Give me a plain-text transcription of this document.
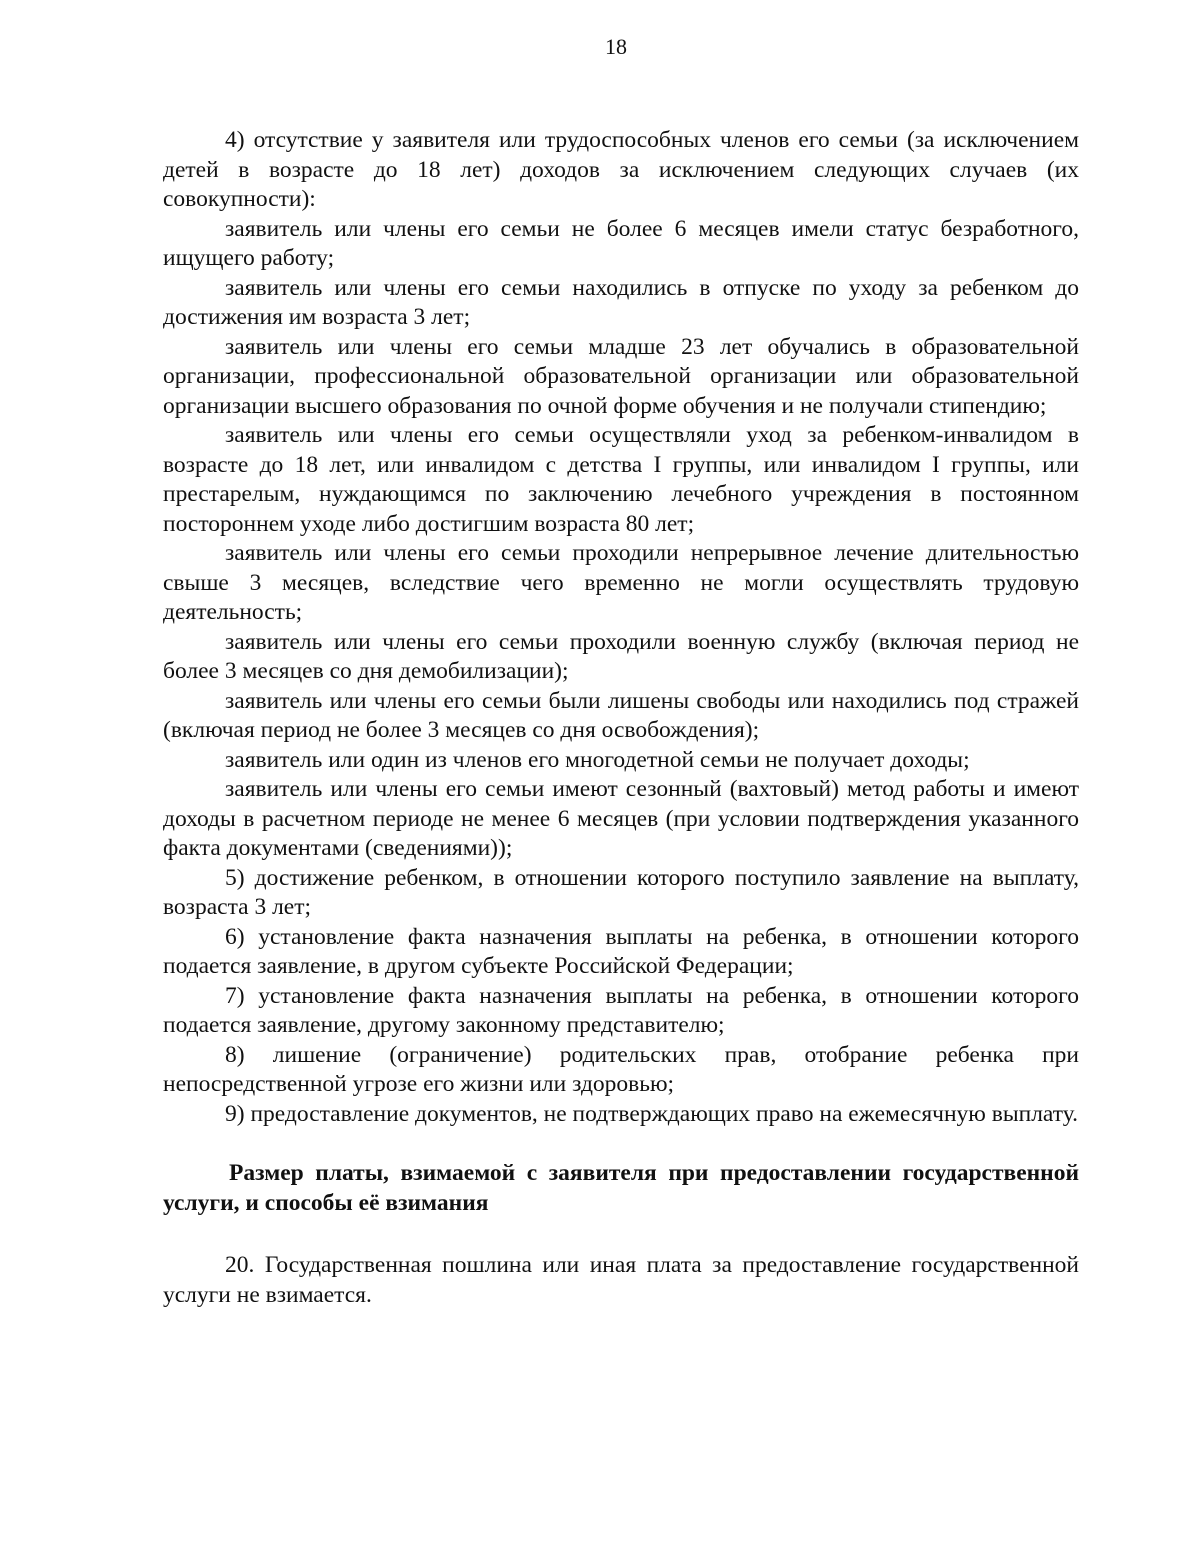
18

4) отсутствие у заявителя или трудоспособных членов его семьи (за исключением детей в возрасте до 18 лет) доходов за исключением следующих случаев (их совокупности):

заявитель или члены его семьи не более 6 месяцев имели статус безработного, ищущего работу;

заявитель или члены его семьи находились в отпуске по уходу за ребенком до достижения им возраста 3 лет;

заявитель или члены его семьи младше 23 лет обучались в образовательной организации, профессиональной образовательной организации или образовательной организации высшего образования по очной форме обучения и не получали стипендию;

заявитель или члены его семьи осуществляли уход за ребенком-инвалидом в возрасте до 18 лет, или инвалидом с детства I группы, или инвалидом I группы, или престарелым, нуждающимся по заключению лечебного учреждения в постоянном постороннем уходе либо достигшим возраста 80 лет;

заявитель или члены его семьи проходили непрерывное лечение длительностью свыше 3 месяцев, вследствие чего временно не могли осуществлять трудовую деятельность;

заявитель или члены его семьи проходили военную службу (включая период не более 3 месяцев со дня демобилизации);

заявитель или члены его семьи были лишены свободы или находились под стражей (включая период не более 3 месяцев со дня освобождения);

заявитель или один из членов его многодетной семьи не получает доходы;

заявитель или члены его семьи имеют сезонный (вахтовый) метод работы и имеют доходы в расчетном периоде не менее 6 месяцев (при условии подтверждения указанного факта документами (сведениями));

5) достижение ребенком, в отношении которого поступило заявление на выплату, возраста 3 лет;

6) установление факта назначения выплаты на ребенка, в отношении которого подается заявление, в другом субъекте Российской Федерации;

7) установление факта назначения выплаты на ребенка, в отношении которого подается заявление, другому законному представителю;

8) лишение (ограничение) родительских прав, отобрание ребенка при непосредственной угрозе его жизни или здоровью;

9) предоставление документов, не подтверждающих право на ежемесячную выплату.

Размер платы, взимаемой с заявителя при предоставлении государственной услуги, и способы её взимания

20. Государственная пошлина или иная плата за предоставление государственной услуги не взимается.
